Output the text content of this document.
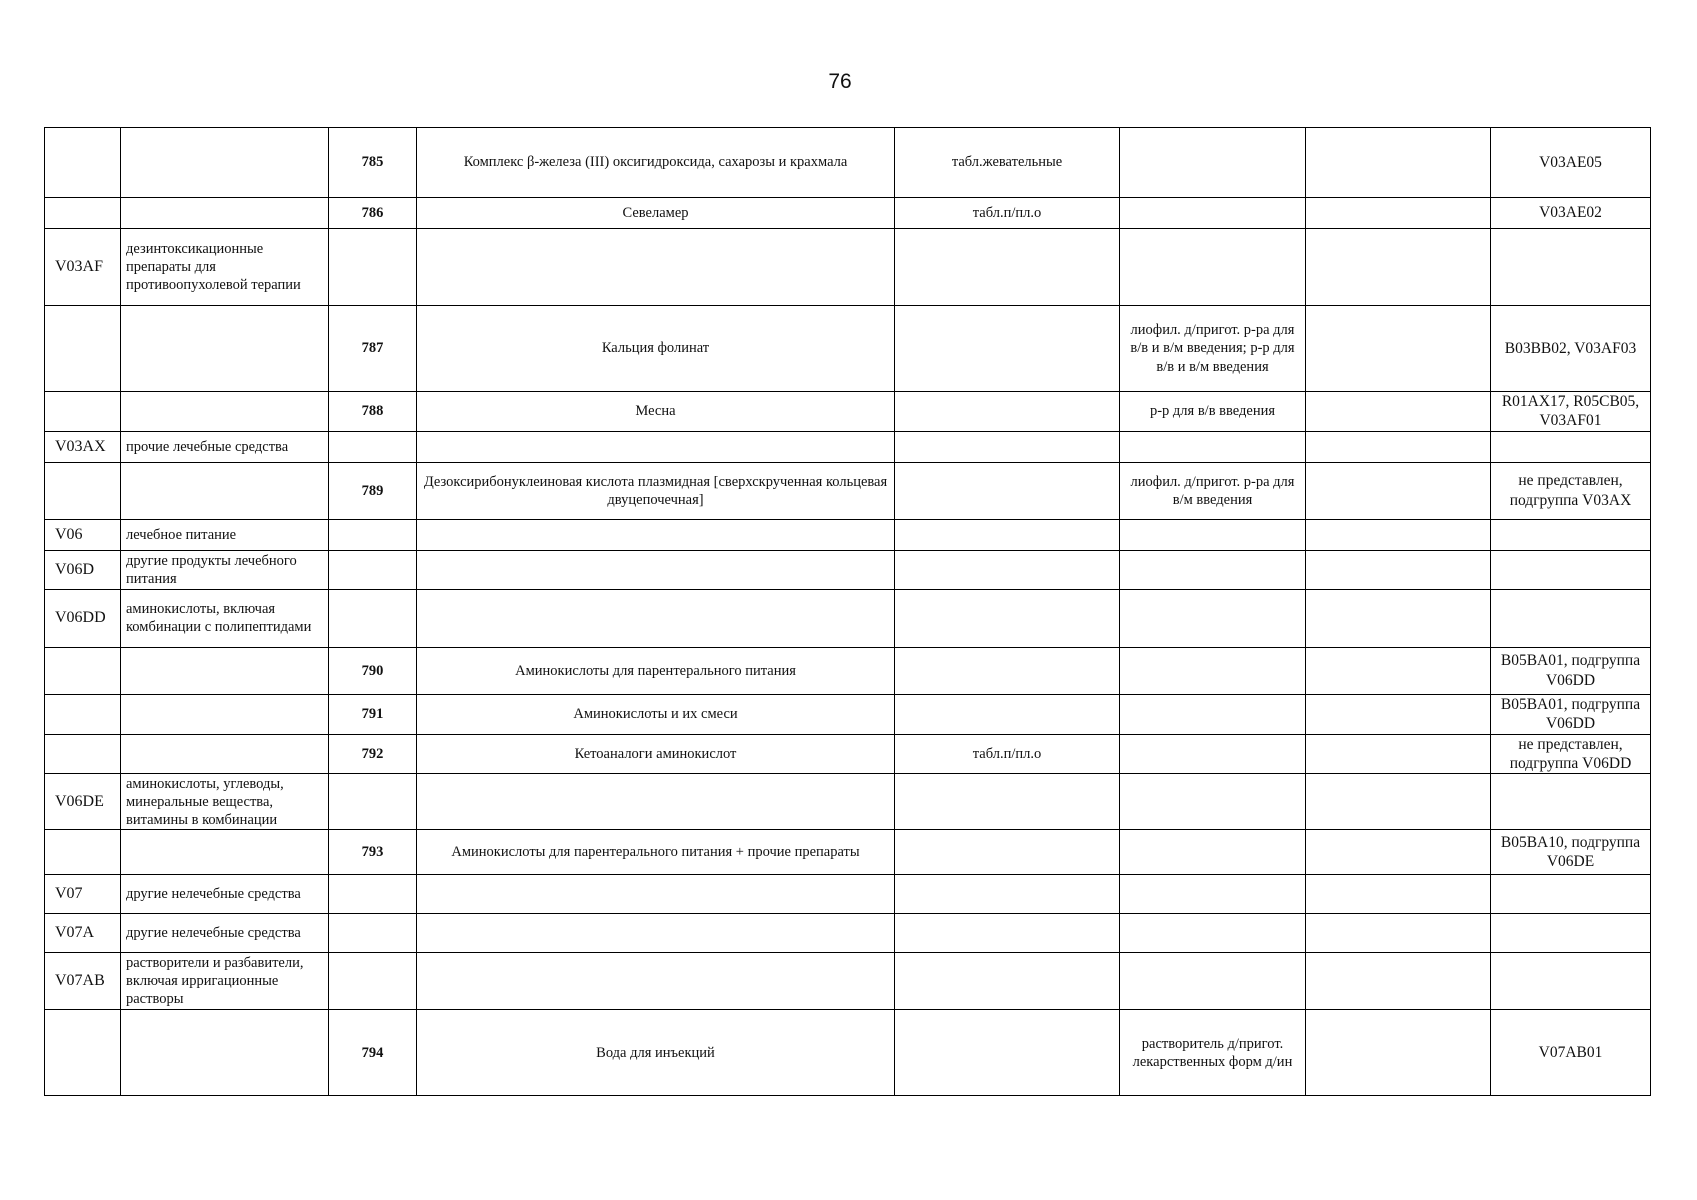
76
		785	Комплекс β-железа (III) оксигидроксида, сахарозы и крахмала	табл.жевательные			V03AE05
		786	Севеламер	табл.п/пл.о			V03AE02
V03AF	дезинтоксикационные препараты для противоопухолевой терапии						
		787	Кальция фолинат		лиофил. д/пригот. р-ра для в/в и в/м введения; р-р для в/в и в/м введения		B03BB02, V03AF03
		788	Месна		р-р для в/в введения		R01AX17, R05CB05, V03AF01
V03AX	прочие лечебные средства						
		789	Дезоксирибонуклеиновая кислота плазмидная [сверхскрученная кольцевая двуцепочечная]		лиофил. д/пригот. р-ра для в/м введения		не представлен, подгруппа V03AX
V06	лечебное питание						
V06D	другие продукты лечебного питания						
V06DD	аминокислоты, включая комбинации с полипептидами						
		790	Аминокислоты для парентерального питания				B05BA01, подгруппа V06DD
		791	Аминокислоты и их смеси				B05BA01, подгруппа V06DD
		792	Кетоаналоги аминокислот	табл.п/пл.о			не представлен, подгруппа V06DD
V06DE	аминокислоты, углеводы, минеральные вещества, витамины в комбинации						
		793	Аминокислоты для парентерального питания + прочие препараты				B05BA10, подгруппа V06DE
V07	другие нелечебные средства						
V07A	другие нелечебные средства						
V07AB	растворители и разбавители, включая ирригационные растворы						
		794	Вода для инъекций		растворитель д/пригот. лекарственных форм д/ин		V07AB01
